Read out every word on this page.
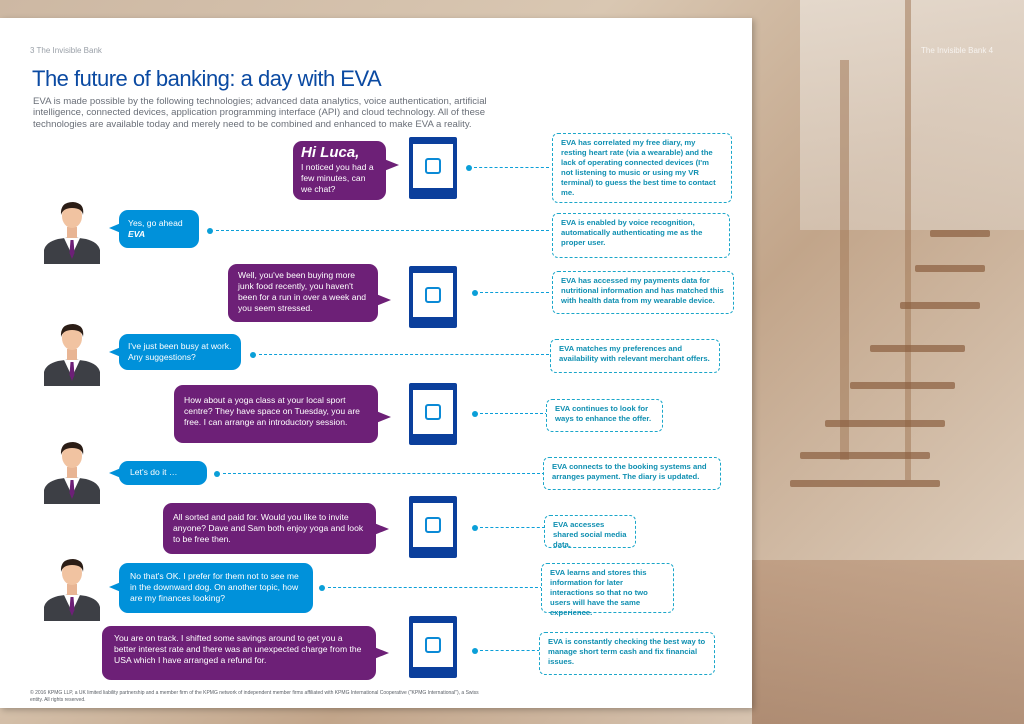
The Invisible Bank 4
3 The Invisible Bank
The future of banking: a day with EVA

EVA is made possible by the following technologies; advanced data analytics, voice authentication, artificial intelligence, connected devices, application programming interface (API) and cloud technology. All of these technologies are available today and merely need to be combined and enhanced to make EVA a reality.

Hi Luca,
I noticed you had a few minutes, can we chat?
EVA has correlated my free diary, my resting heart rate (via a wearable) and the lack of operating connected devices (I'm not listening to music or using my VR terminal) to guess the best time to contact me.
Yes, go ahead
EVA
EVA is enabled by voice recognition, automatically authenticating me as the proper user.
Well, you've been buying more junk food recently, you haven't been for a run in over a week and you seem stressed.
EVA has accessed my payments data for nutritional information and has matched this with health data from my wearable device.
I've just been busy at work. Any suggestions?
EVA matches my preferences and availability with relevant merchant offers.
How about a yoga class at your local sport centre? They have space on Tuesday, you are free. I can arrange an introductory session.
EVA continues to look for ways to enhance the offer.
Let's do it …
EVA connects to the booking systems and arranges payment. The diary is updated.
All sorted and paid for. Would you like to invite anyone? Dave and Sam both enjoy yoga and look to be free then.
EVA accesses shared social media data.
No that's OK. I prefer for them not to see me in the downward dog. On another topic, how are my finances looking?
EVA learns and stores this information for later interactions so that no two users will have the same experience.
You are on track. I shifted some savings around to get you a better interest rate and there was an unexpected charge from the USA which I have arranged a refund for.
EVA is constantly checking the best way to manage short term cash and fix financial issues.

© 2016 KPMG LLP, a UK limited liability partnership and a member firm of the KPMG network of independent member firms affiliated with KPMG International Cooperative ("KPMG International"), a Swiss entity. All rights reserved.
